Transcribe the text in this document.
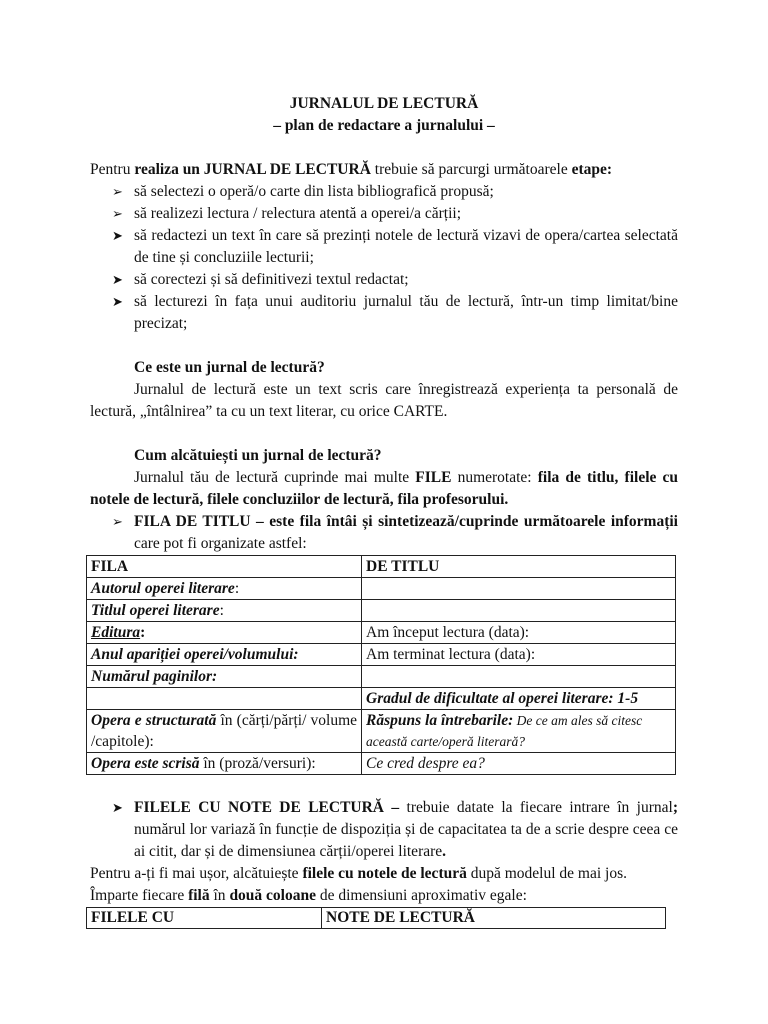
JURNALUL DE LECTURĂ

– plan de redactare a jurnalului –

Pentru realiza un JURNAL DE LECTURĂ trebuie să parcurgi următoarele etape:

➢ să selectezi o operă/o carte din lista bibliografică propusă;
➢ să realizezi lectura / relectura atentă a operei/a cărții;
➤ să redactezi un text în care să prezinți notele de lectură vizavi de opera/cartea selectată de tine și concluziile lecturii;
➤ să corectezi și să definitivezi textul redactat;
➤ să lecturezi în fața unui auditoriu jurnalul tău de lectură, într-un timp limitat/bine precizat;

Ce este un jurnal de lectură?

Jurnalul de lectură este un text scris care înregistrează experiența ta personală de lectură, „întâlnirea” ta cu un text literar, cu orice CARTE.

Cum alcătuiești un jurnal de lectură?

Jurnalul tău de lectură cuprinde mai multe FILE numerotate: fila de titlu, filele cu notele de lectură, filele concluziilor de lectură, fila profesorului.

➢ FILA DE TITLU – este fila întâi și sintetizează/cuprinde următoarele informații care pot fi organizate astfel:
FILA	DE TITLU
Autorul operei literare:	
Titlul operei literare:	
Editura:	Am început lectura (data):
Anul apariției operei/volumului:	Am terminat lectura (data):
Numărul paginilor:	
	Gradul de dificultate al operei literare: 1-5
Opera e structurată în (cărți/părți/ volume /capitole):	Răspuns la întrebarile: De ce am ales să citesc această carte/operă literară?
Opera este scrisă în (proză/versuri):	Ce cred despre ea?
➤ FILELE CU NOTE DE LECTURĂ – trebuie datate la fiecare intrare în jurnal; numărul lor variază în funcție de dispoziția și de capacitatea ta de a scrie despre ceea ce ai citit, dar și de dimensiunea cărții/operei literare.

Pentru a-ți fi mai ușor, alcătuiește filele cu notele de lectură după modelul de mai jos.

Împarte fiecare filă în două coloane de dimensiuni aproximativ egale:

FILELE CU	NOTE DE LECTURĂ
